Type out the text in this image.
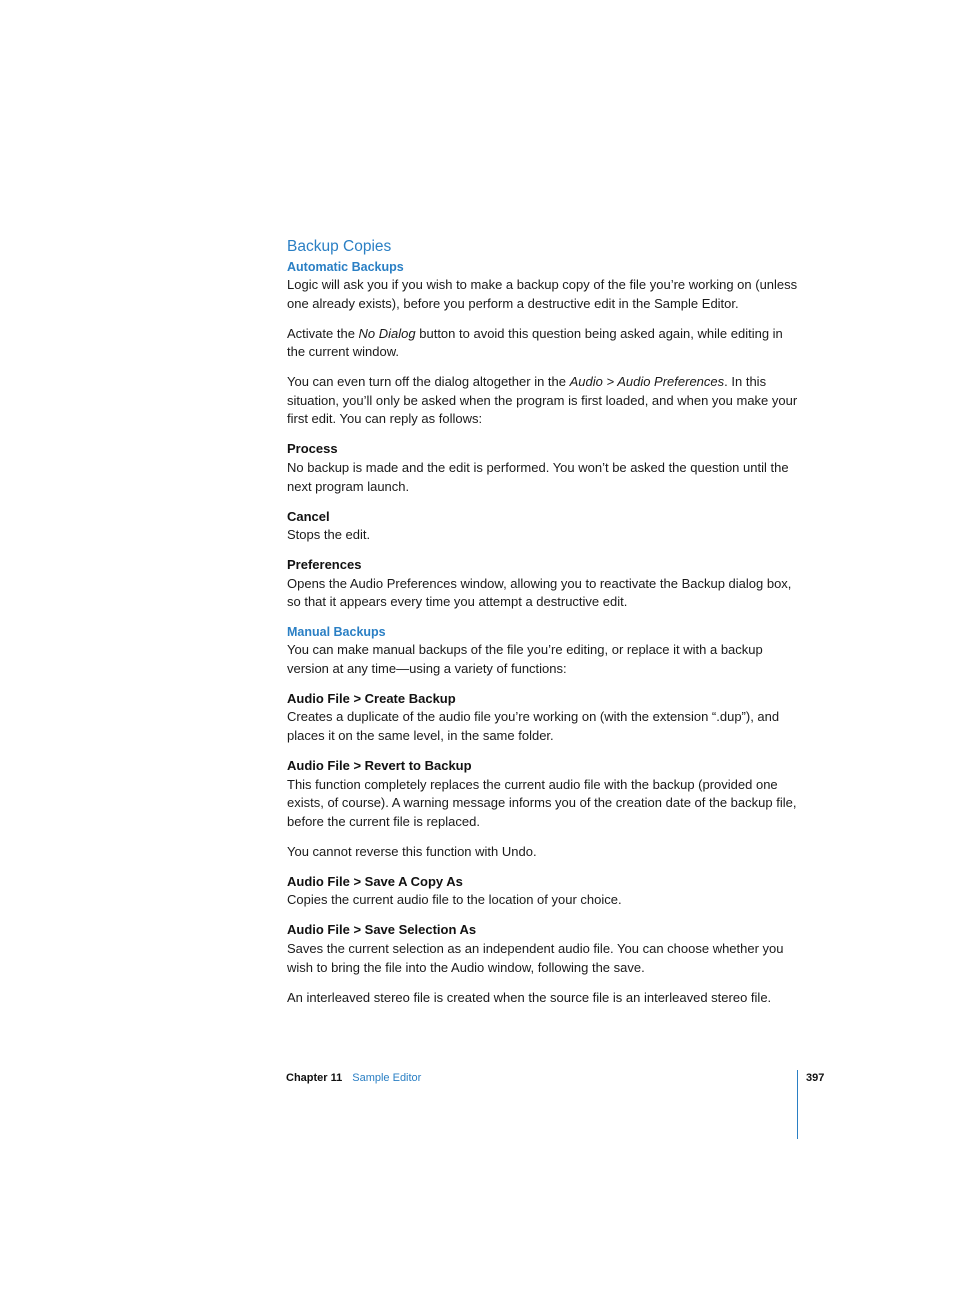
Backup Copies
Automatic Backups

Logic will ask you if you wish to make a backup copy of the file you’re working on (unless one already exists), before you perform a destructive edit in the Sample Editor.

Activate the No Dialog button to avoid this question being asked again, while editing in the current window.

You can even turn off the dialog altogether in the Audio > Audio Preferences. In this situation, you’ll only be asked when the program is first loaded, and when you make your first edit. You can reply as follows:

Process

No backup is made and the edit is performed. You won’t be asked the question until the next program launch.

Cancel

Stops the edit.

Preferences

Opens the Audio Preferences window, allowing you to reactivate the Backup dialog box, so that it appears every time you attempt a destructive edit.

Manual Backups

You can make manual backups of the file you’re editing, or replace it with a backup version at any time—using a variety of functions:

Audio File > Create Backup

Creates a duplicate of the audio file you’re working on (with the extension “.dup”), and places it on the same level, in the same folder.

Audio File > Revert to Backup

This function completely replaces the current audio file with the backup (provided one exists, of course). A warning message informs you of the creation date of the backup file, before the current file is replaced.

You cannot reverse this function with Undo.

Audio File > Save A Copy As

Copies the current audio file to the location of your choice.

Audio File > Save Selection As

Saves the current selection as an independent audio file. You can choose whether you wish to bring the file into the Audio window, following the save.

An interleaved stereo file is created when the source file is an interleaved stereo file.

Chapter 11 Sample Editor	397
